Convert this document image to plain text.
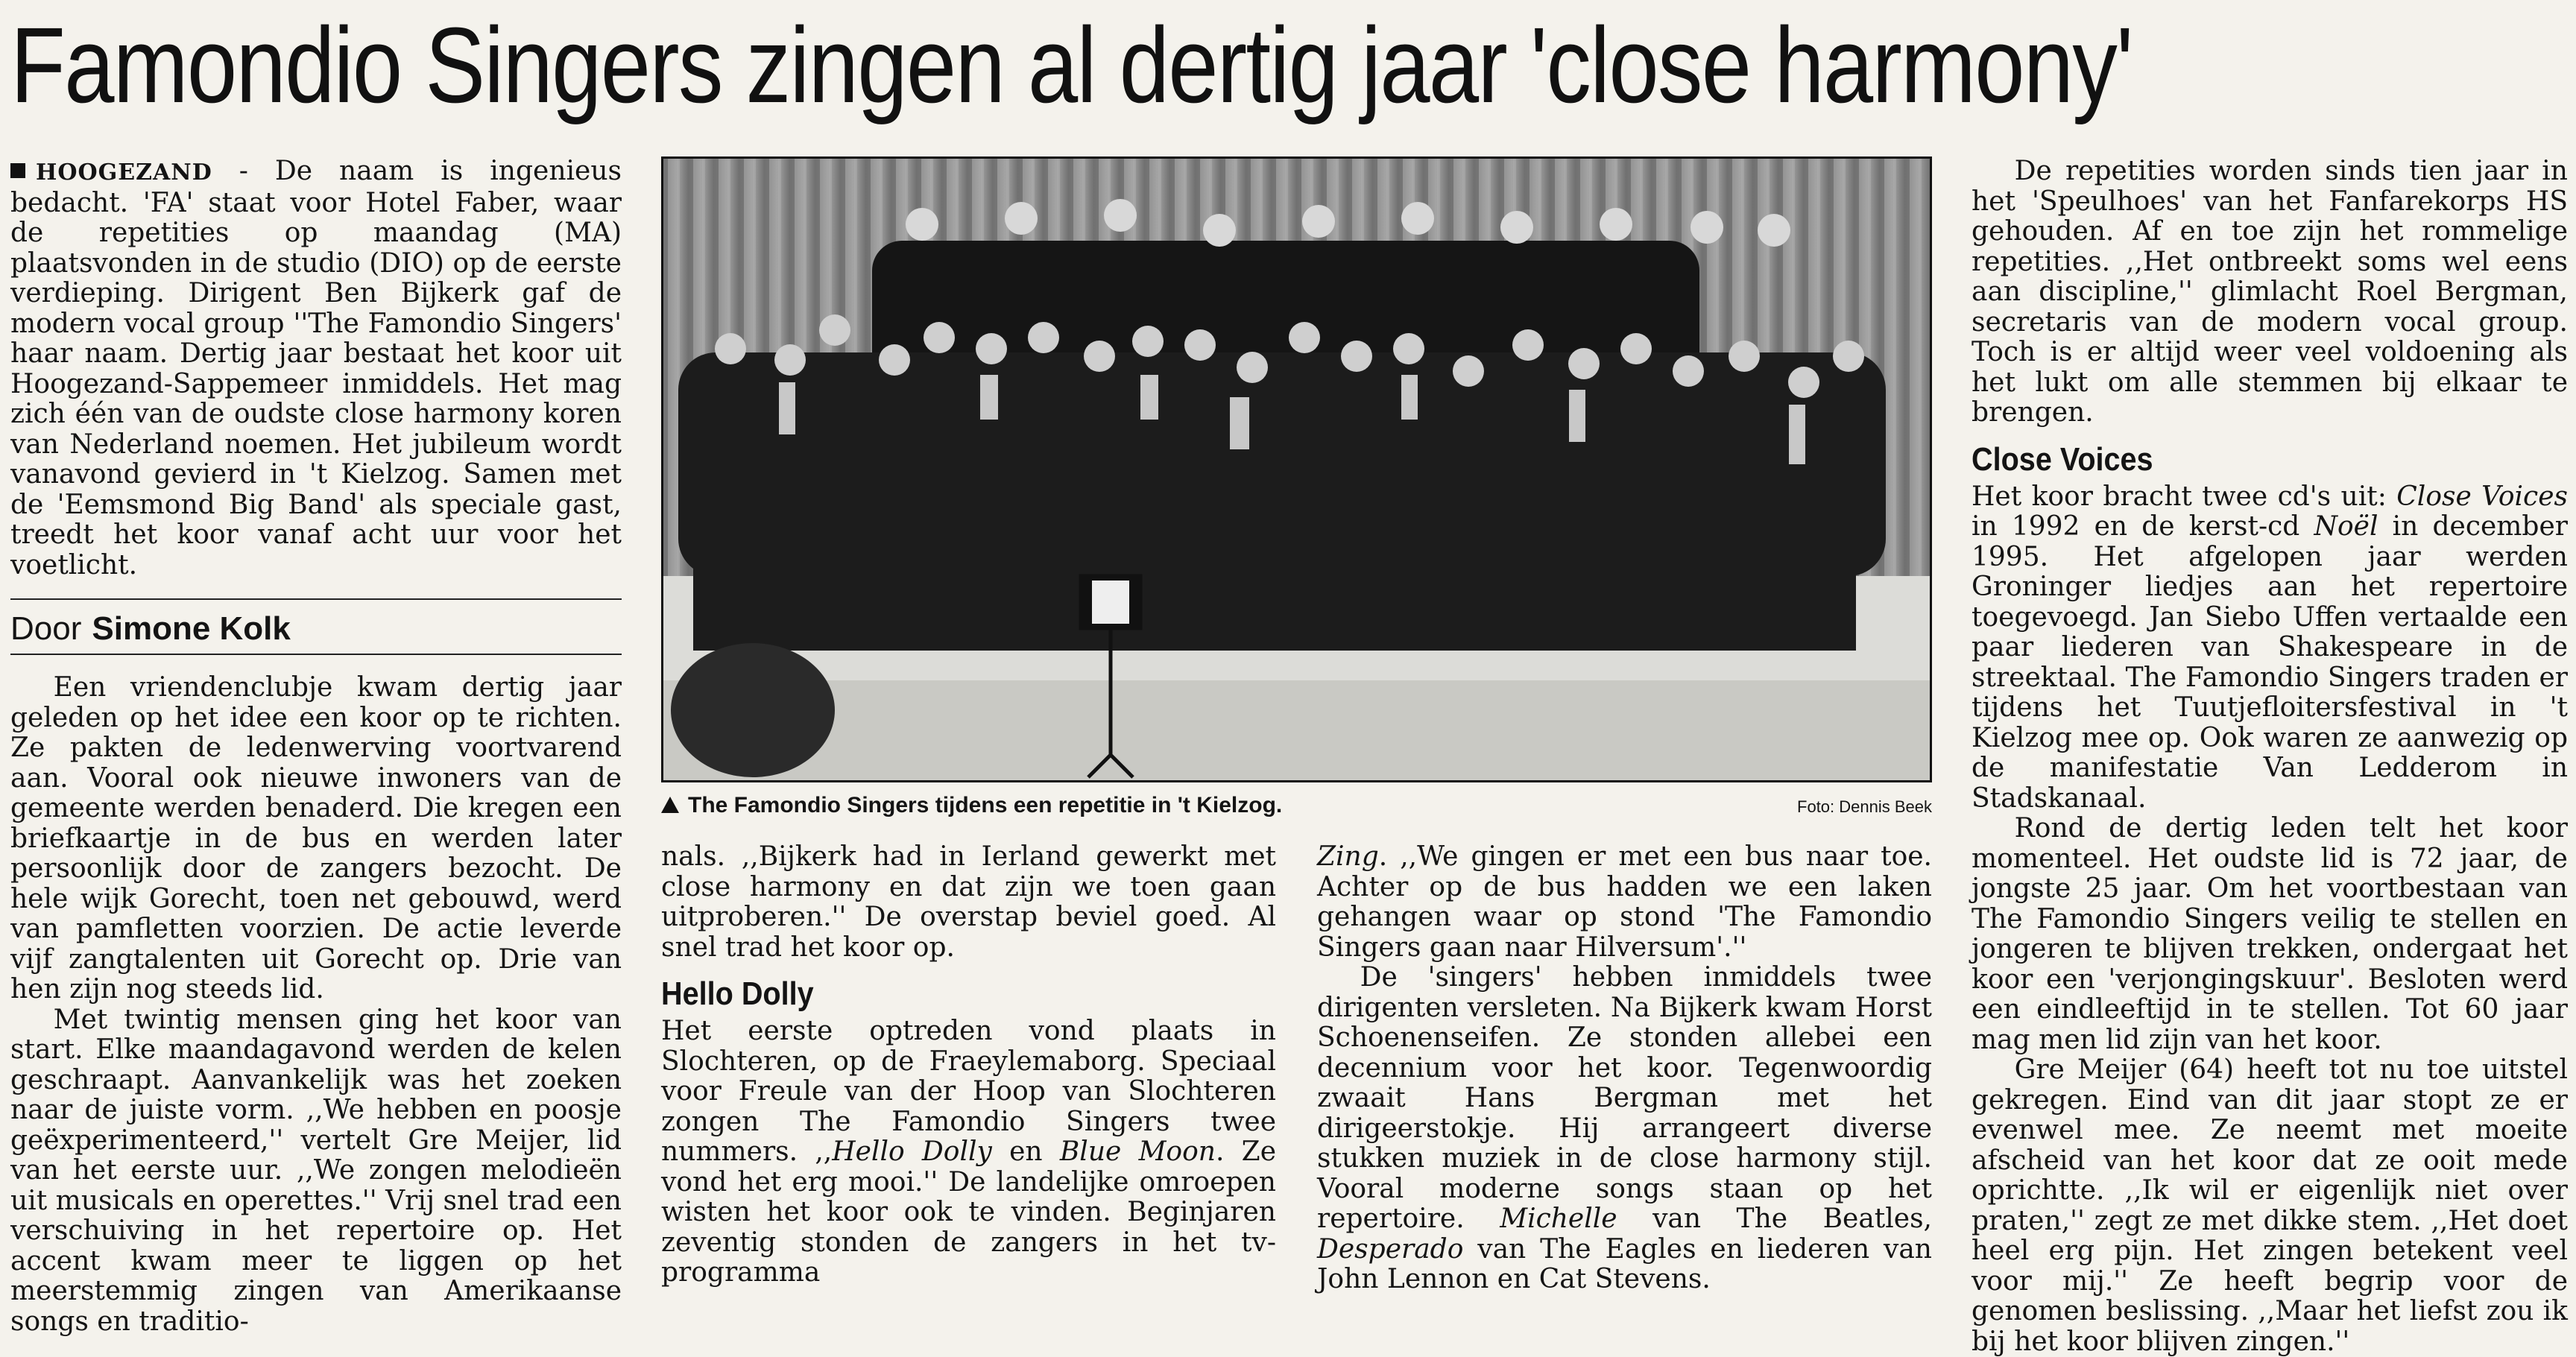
Famondio Singers zingen al dertig jaar 'close harmony'

HOOGEZAND - De naam is ingenieus bedacht. 'FA' staat voor Hotel Faber, waar de repetities op maandag (MA) plaatsvonden in de studio (DIO) op de eerste verdieping. Dirigent Ben Bijkerk gaf de modern vocal group ''The Famondio Singers' haar naam. Dertig jaar bestaat het koor uit Hoogezand-Sappemeer inmiddels. Het mag zich één van de oudste close harmony koren van Nederland noemen. Het jubileum wordt vanavond gevierd in 't Kielzog. Samen met de 'Eemsmond Big Band' als speciale gast, treedt het koor vanaf acht uur voor het voetlicht.

Door Simone Kolk

Een vriendenclubje kwam dertig jaar geleden op het idee een koor op te richten. Ze pakten de ledenwerving voortvarend aan. Vooral ook nieuwe inwoners van de gemeente werden benaderd. Die kregen een briefkaartje in de bus en werden later persoonlijk door de zangers bezocht. De hele wijk Gorecht, toen net gebouwd, werd van pamfletten voorzien. De actie leverde vijf zangtalenten uit Gorecht op. Drie van hen zijn nog steeds lid.

Met twintig mensen ging het koor van start. Elke maandagavond werden de kelen geschraapt. Aanvankelijk was het zoeken naar de juiste vorm. ,,We hebben en poosje geëxperimenteerd,'' vertelt Gre Meijer, lid van het eerste uur. ,,We zongen melodieën uit musicals en operettes.'' Vrij snel trad een verschuiving in het repertoire op. Het accent kwam meer te liggen op het meerstemmig zingen van Amerikaanse songs en traditio-

The Famondio Singers tijdens een repetitie in 't Kielzog.	Foto: Dennis Beek

nals. ,,Bijkerk had in Ierland gewerkt met close harmony en dat zijn we toen gaan uitproberen.'' De overstap beviel goed. Al snel trad het koor op.

Hello Dolly

Het eerste optreden vond plaats in Slochteren, op de Fraeylemaborg. Speciaal voor Freule van der Hoop van Slochteren zongen The Famondio Singers twee nummers. ,,Hello Dolly en Blue Moon. Ze vond het erg mooi.'' De landelijke omroepen wisten het koor ook te vinden. Beginjaren zeventig stonden de zangers in het tv-programma

Zing. ,,We gingen er met een bus naar toe. Achter op de bus hadden we een laken gehangen waar op stond 'The Famondio Singers gaan naar Hilversum'.''

De 'singers' hebben inmiddels twee dirigenten versleten. Na Bijkerk kwam Horst Schoenenseifen. Ze stonden allebei een decennium voor het koor. Tegenwoordig zwaait Hans Bergman met het dirigeerstokje. Hij arrangeert diverse stukken muziek in de close harmony stijl. Vooral moderne songs staan op het repertoire. Michelle van The Beatles, Desperado van The Eagles en liederen van John Lennon en Cat Stevens.

De repetities worden sinds tien jaar in het 'Speulhoes' van het Fanfarekorps HS gehouden. Af en toe zijn het rommelige repetities. ,,Het ontbreekt soms wel eens aan discipline,'' glimlacht Roel Bergman, secretaris van de modern vocal group. Toch is er altijd weer veel voldoening als het lukt om alle stemmen bij elkaar te brengen.

Close Voices

Het koor bracht twee cd's uit: Close Voices in 1992 en de kerst-cd Noël in december 1995. Het afgelopen jaar werden Groninger liedjes aan het repertoire toegevoegd. Jan Siebo Uffen vertaalde een paar liederen van Shakespeare in de streektaal. The Famondio Singers traden er tijdens het Tuutjefloitersfestival in 't Kielzog mee op. Ook waren ze aanwezig op de manifestatie Van Ledderom in Stadskanaal.

Rond de dertig leden telt het koor momenteel. Het oudste lid is 72 jaar, de jongste 25 jaar. Om het voortbestaan van The Famondio Singers veilig te stellen en jongeren te blijven trekken, ondergaat het koor een 'verjongingskuur'. Besloten werd een eindleeftijd in te stellen. Tot 60 jaar mag men lid zijn van het koor.

Gre Meijer (64) heeft tot nu toe uitstel gekregen. Eind van dit jaar stopt ze er evenwel mee. Ze neemt met moeite afscheid van het koor dat ze ooit mede oprichtte. ,,Ik wil er eigenlijk niet over praten,'' zegt ze met dikke stem. ,,Het doet heel erg pijn. Het zingen betekent veel voor mij.'' Ze heeft begrip voor de genomen beslissing. ,,Maar het liefst zou ik bij het koor blijven zingen.''
